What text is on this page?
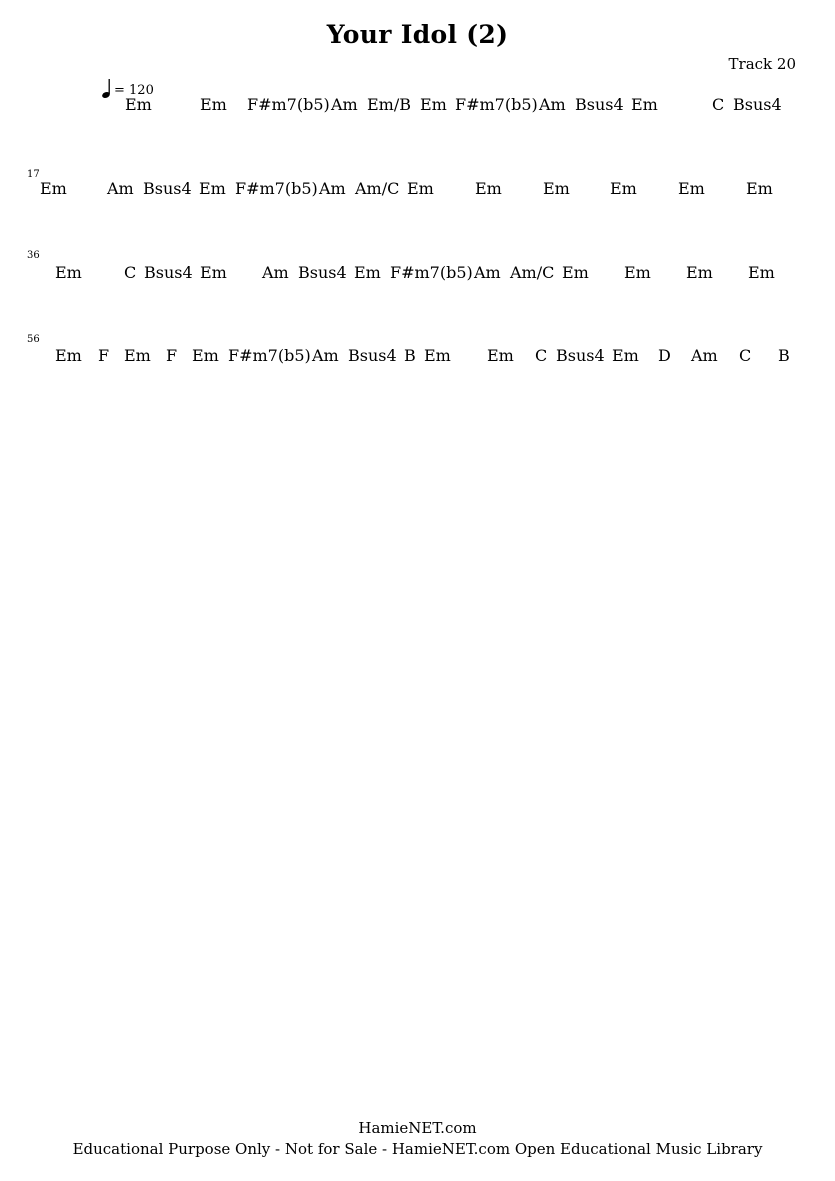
Your Idol (2)
Track 20
= 120
Em	Em F#m7(b5) Am Em/B Em F#m7(b5) Am Bsus4 Em	C Bsus4
17
Em	Am Bsus4 Em F#m7(b5) Am Am/C Em	Em	Em	Em	Em	Em
36
Em	C Bsus4 Em Am Bsus4 Em F#m7(b5) Am Am/C Em Em Em Em
56
Em F Em F Em F#m7(b5) Am Bsus4 B Em Em C Bsus4 Em D Am C B
HamieNET.com
Educational Purpose Only - Not for Sale - HamieNET.com Open Educational Music Library
